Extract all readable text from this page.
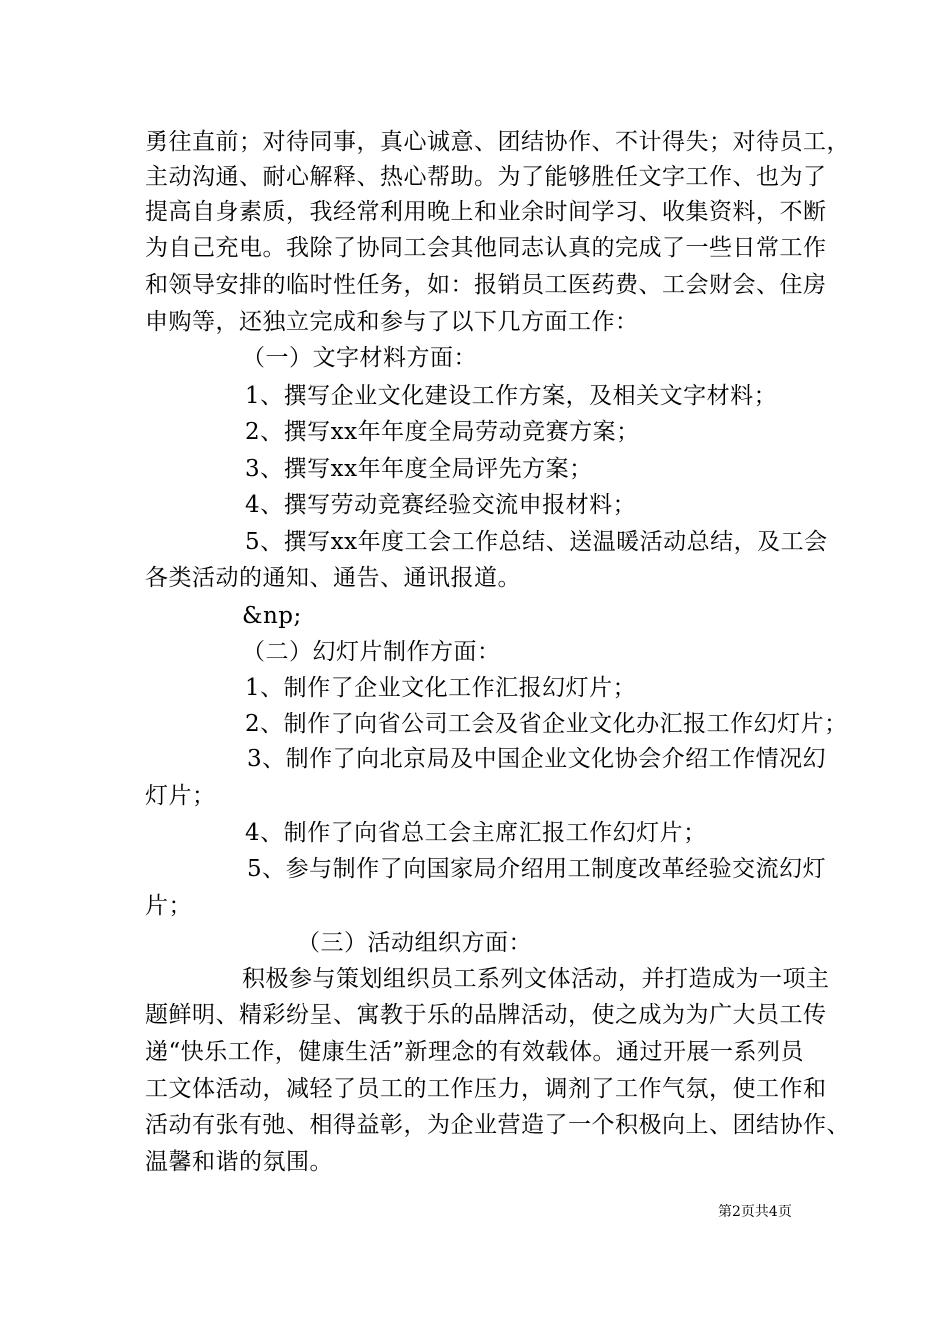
勇往直前；对待同事，真心诚意、团结协作、不计得失；对待员工，
主动沟通、耐心解释、热心帮助。为了能够胜任文字工作、也为了
提高自身素质，我经常利用晚上和业余时间学习、收集资料，不断
为自己充电。我除了协同工会其他同志认真的完成了一些日常工作
和领导安排的临时性任务，如：报销员工医药费、工会财会、住房
申购等，还独立完成和参与了以下几方面工作：
（一）文字材料方面：
1、撰写企业文化建设工作方案，及相关文字材料；
2、撰写xx年年度全局劳动竞赛方案；
3、撰写xx年年度全局评先方案；
4、撰写劳动竞赛经验交流申报材料；
5、撰写xx年度工会工作总结、送温暖活动总结，及工会
各类活动的通知、通告、通讯报道。
&np;
（二）幻灯片制作方面：
1、制作了企业文化工作汇报幻灯片；
2、制作了向省公司工会及省企业文化办汇报工作幻灯片；
3、制作了向北京局及中国企业文化协会介绍工作情况幻
灯片；
4、制作了向省总工会主席汇报工作幻灯片；
5、参与制作了向国家局介绍用工制度改革经验交流幻灯
片；
（三）活动组织方面：
积极参与策划组织员工系列文体活动，并打造成为一项主
题鲜明、精彩纷呈、寓教于乐的品牌活动，使之成为为广大员工传
递“快乐工作，健康生活”新理念的有效载体。通过开展一系列员
工文体活动，减轻了员工的工作压力，调剂了工作气氛，使工作和
活动有张有弛、相得益彰，为企业营造了一个积极向上、团结协作、
温馨和谐的氛围。
第2页共4页
